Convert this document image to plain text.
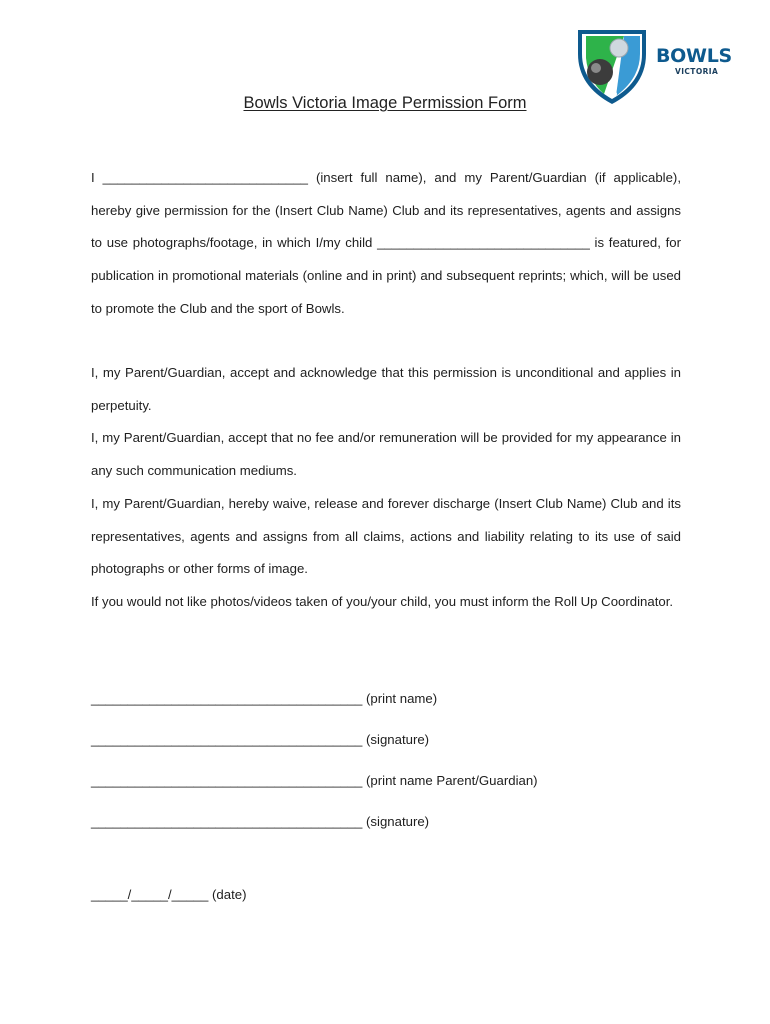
BOWLS
VICTORIA
Bowls Victoria Image Permission Form
I ____________________________ (insert full name), and my Parent/Guardian (if applicable), hereby give permission for the (Insert Club Name) Club and its representatives, agents and assigns to use photographs/footage, in which I/my child _____________________________ is featured, for publication in promotional materials (online and in print) and subsequent reprints; which, will be used to promote the Club and the sport of Bowls.

I, my Parent/Guardian, accept and acknowledge that this permission is unconditional and applies in perpetuity.

I, my Parent/Guardian, accept that no fee and/or remuneration will be provided for my appearance in any such communication mediums.

I, my Parent/Guardian, hereby waive, release and forever discharge (Insert Club Name) Club and its representatives, agents and assigns from all claims, actions and liability relating to its use of said photographs or other forms of image.

If you would not like photos/videos taken of you/your child, you must inform the Roll Up Coordinator.

_____________________________________ (print name)
_____________________________________ (signature)
_____________________________________ (print name Parent/Guardian)
_____________________________________ (signature)
_____/_____/_____ (date)
